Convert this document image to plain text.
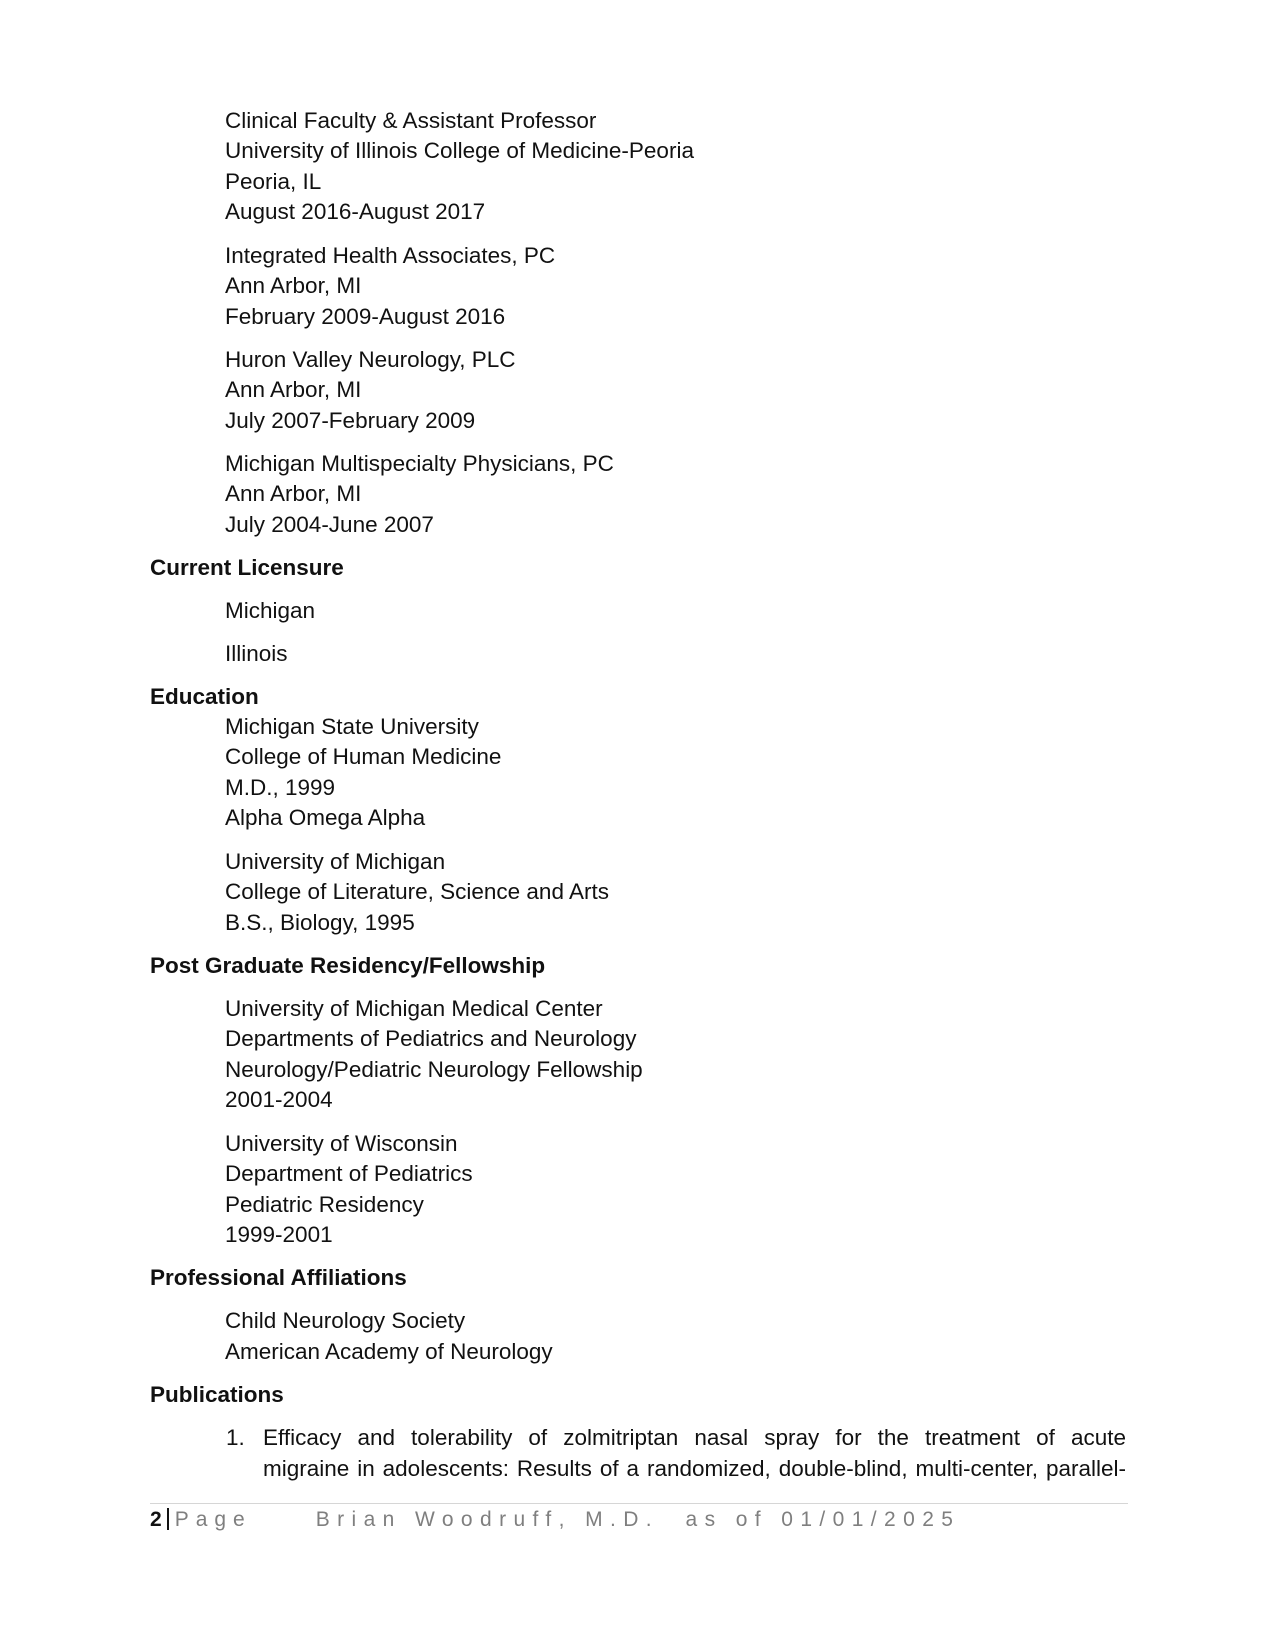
Clinical Faculty & Assistant Professor
University of Illinois College of Medicine-Peoria
Peoria, IL
August 2016-August 2017
Integrated Health Associates, PC
Ann Arbor, MI
February 2009-August 2016
Huron Valley Neurology, PLC
Ann Arbor, MI
July 2007-February 2009
Michigan Multispecialty Physicians, PC
Ann Arbor, MI
July 2004-June 2007
Current Licensure
Michigan
Illinois
Education
Michigan State University
College of Human Medicine
M.D., 1999
Alpha Omega Alpha
University of Michigan
College of Literature, Science and Arts
B.S., Biology, 1995
Post Graduate Residency/Fellowship
University of Michigan Medical Center
Departments of Pediatrics and Neurology
Neurology/Pediatric Neurology Fellowship
2001-2004
University of Wisconsin
Department of Pediatrics
Pediatric Residency
1999-2001
Professional Affiliations
Child Neurology Society
American Academy of Neurology
Publications
1. Efficacy and tolerability of zolmitriptan nasal spray for the treatment of acute
migraine in adolescents: Results of a randomized, double-blind, multi-center, parallel-
2 Page	Brian Woodruff, M.D.  as of 01/01/2025
